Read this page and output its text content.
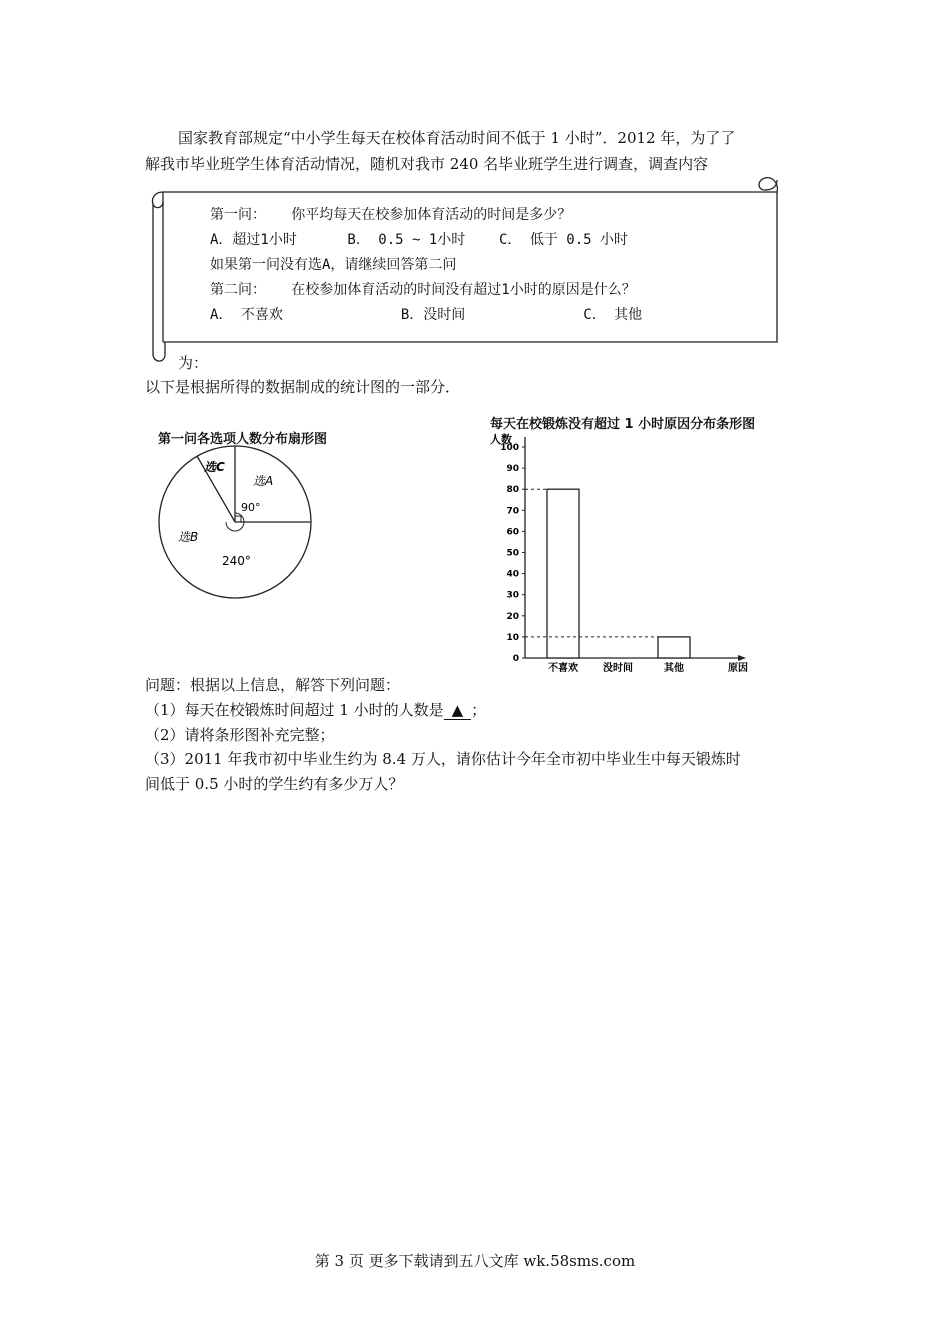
国家教育部规定“中小学生每天在校体育活动时间不低于 1 小时”．2012 年，为了了
解我市毕业班学生体育活动情况，随机对我市 240 名毕业班学生进行调查，调查内容
第一问：   你平均每天在校参加体育活动的时间是多少？
A．超过1小时      B． 0.5 ~ 1小时    C． 低于 0.5 小时
如果第一问没有选A，请继续回答第二问
第二问：   在校参加体育活动的时间没有超过1小时的原因是什么？
A． 不喜欢              B．没时间              C． 其他
为：
以下是根据所得的数据制成的统计图的一部分．
第一问各选项人数分布扇形图
选C
选A
90°
选B
240°
每天在校锻炼没有超过 1 小时原因分布条形图
人数
原因
0
10
20
30
40
50
60
70
80
90
100
不喜欢	没时间	其他
问题：根据以上信息，解答下列问题：
（1）每天在校锻炼时间超过 1 小时的人数是 ▲ ；
（2）请将条形图补充完整；
（3）2011 年我市初中毕业生约为 8.4 万人，请你估计今年全市初中毕业生中每天锻炼时
间低于 0.5 小时的学生约有多少万人？
第 3 页 更多下载请到五八文库 wk.58sms.com
